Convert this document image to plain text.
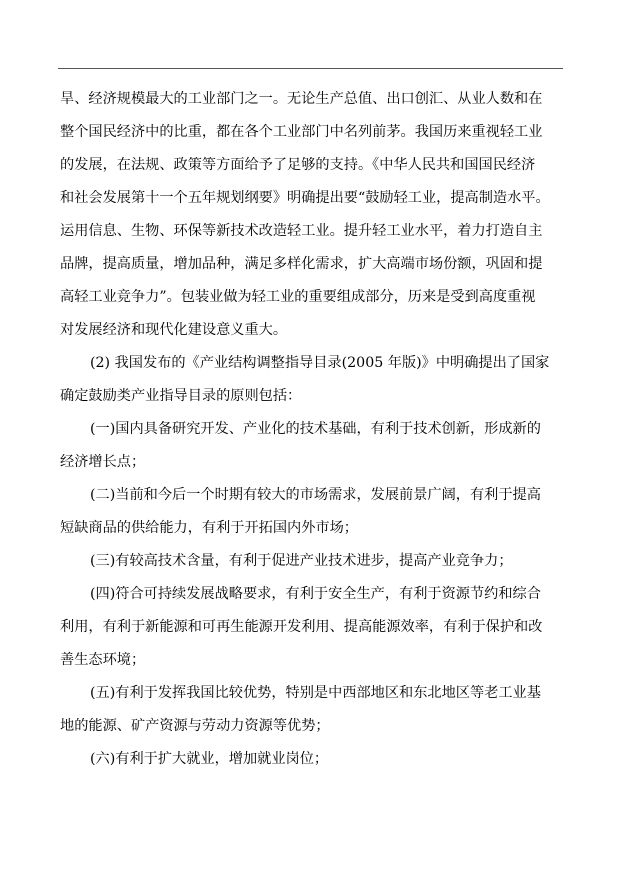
旱、经济规模最大的工业部门之一。无论生产总值、出口创汇、从业人数和在
整个国民经济中的比重，都在各个工业部门中名列前茅。我国历来重视轻工业
的发展，在法规、政策等方面给予了足够的支持。《中华人民共和国国民经济
和社会发展第十一个五年规划纲要》明确提出要“鼓励轻工业，提高制造水平。
运用信息、生物、环保等新技术改造轻工业。提升轻工业水平，着力打造自主
品牌，提高质量，增加品种，满足多样化需求，扩大高端市场份额，巩固和提
高轻工业竞争力”。包装业做为轻工业的重要组成部分，历来是受到高度重视
对发展经济和现代化建设意义重大。
(2) 我国发布的《产业结构调整指导目录(2005 年版)》中明确提出了国家
确定鼓励类产业指导目录的原则包括：
(一)国内具备研究开发、产业化的技术基础，有利于技术创新，形成新的
经济增长点；
(二)当前和今后一个时期有较大的市场需求，发展前景广阔，有利于提高
短缺商品的供给能力，有利于开拓国内外市场；
(三)有较高技术含量，有利于促进产业技术进步，提高产业竞争力；
(四)符合可持续发展战略要求，有利于安全生产，有利于资源节约和综合
利用，有利于新能源和可再生能源开发利用、提高能源效率，有利于保护和改
善生态环境；
(五)有利于发挥我国比较优势，特别是中西部地区和东北地区等老工业基
地的能源、矿产资源与劳动力资源等优势；
(六)有利于扩大就业，增加就业岗位；
